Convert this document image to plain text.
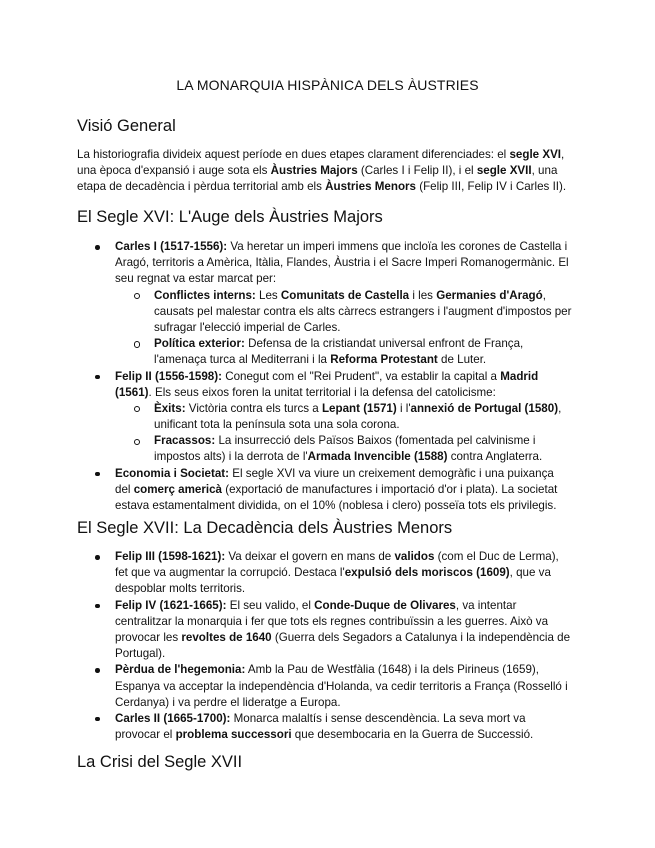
LA MONARQUIA HISPÀNICA DELS ÀUSTRIES
Visió General
La historiografia divideix aquest període en dues etapes clarament diferenciades: el segle XVI,
una època d'expansió i auge sota els Àustries Majors (Carles I i Felip II), i el segle XVII, una
etapa de decadència i pèrdua territorial amb els Àustries Menors (Felip III, Felip IV i Carles II).
El Segle XVI: L'Auge dels Àustries Majors
Carles I (1517-1556): Va heretar un imperi immens que incloïa les corones de Castella i
Aragó, territoris a Amèrica, Itàlia, Flandes, Àustria i el Sacre Imperi Romanogermànic. El
seu regnat va estar marcat per:
Conflictes interns: Les Comunitats de Castella i les Germanies d'Aragó,
causats pel malestar contra els alts càrrecs estrangers i l'augment d'impostos per
sufragar l'elecció imperial de Carles.
Política exterior: Defensa de la cristiandat universal enfront de França,
l'amenaça turca al Mediterrani i la Reforma Protestant de Luter.
Felip II (1556-1598): Conegut com el "Rei Prudent", va establir la capital a Madrid
(1561). Els seus eixos foren la unitat territorial i la defensa del catolicisme:
Èxits: Victòria contra els turcs a Lepant (1571) i l'annexió de Portugal (1580),
unificant tota la península sota una sola corona.
Fracassos: La insurrecció dels Països Baixos (fomentada pel calvinisme i
impostos alts) i la derrota de l'Armada Invencible (1588) contra Anglaterra.
Economia i Societat: El segle XVI va viure un creixement demogràfic i una puixança
del comerç americà (exportació de manufactures i importació d'or i plata). La societat
estava estamentalment dividida, on el 10% (noblesa i clero) posseïa tots els privilegis.
El Segle XVII: La Decadència dels Àustries Menors
Felip III (1598-1621): Va deixar el govern en mans de validos (com el Duc de Lerma),
fet que va augmentar la corrupció. Destaca l'expulsió dels moriscos (1609), que va
despoblar molts territoris.
Felip IV (1621-1665): El seu valido, el Conde-Duque de Olivares, va intentar
centralitzar la monarquia i fer que tots els regnes contribuïssin a les guerres. Això va
provocar les revoltes de 1640 (Guerra dels Segadors a Catalunya i la independència de
Portugal).
Pèrdua de l'hegemonia: Amb la Pau de Westfàlia (1648) i la dels Pirineus (1659),
Espanya va acceptar la independència d'Holanda, va cedir territoris a França (Rosselló i
Cerdanya) i va perdre el lideratge a Europa.
Carles II (1665-1700): Monarca malaltís i sense descendència. La seva mort va
provocar el problema successori que desembocaria en la Guerra de Successió.
La Crisi del Segle XVII
